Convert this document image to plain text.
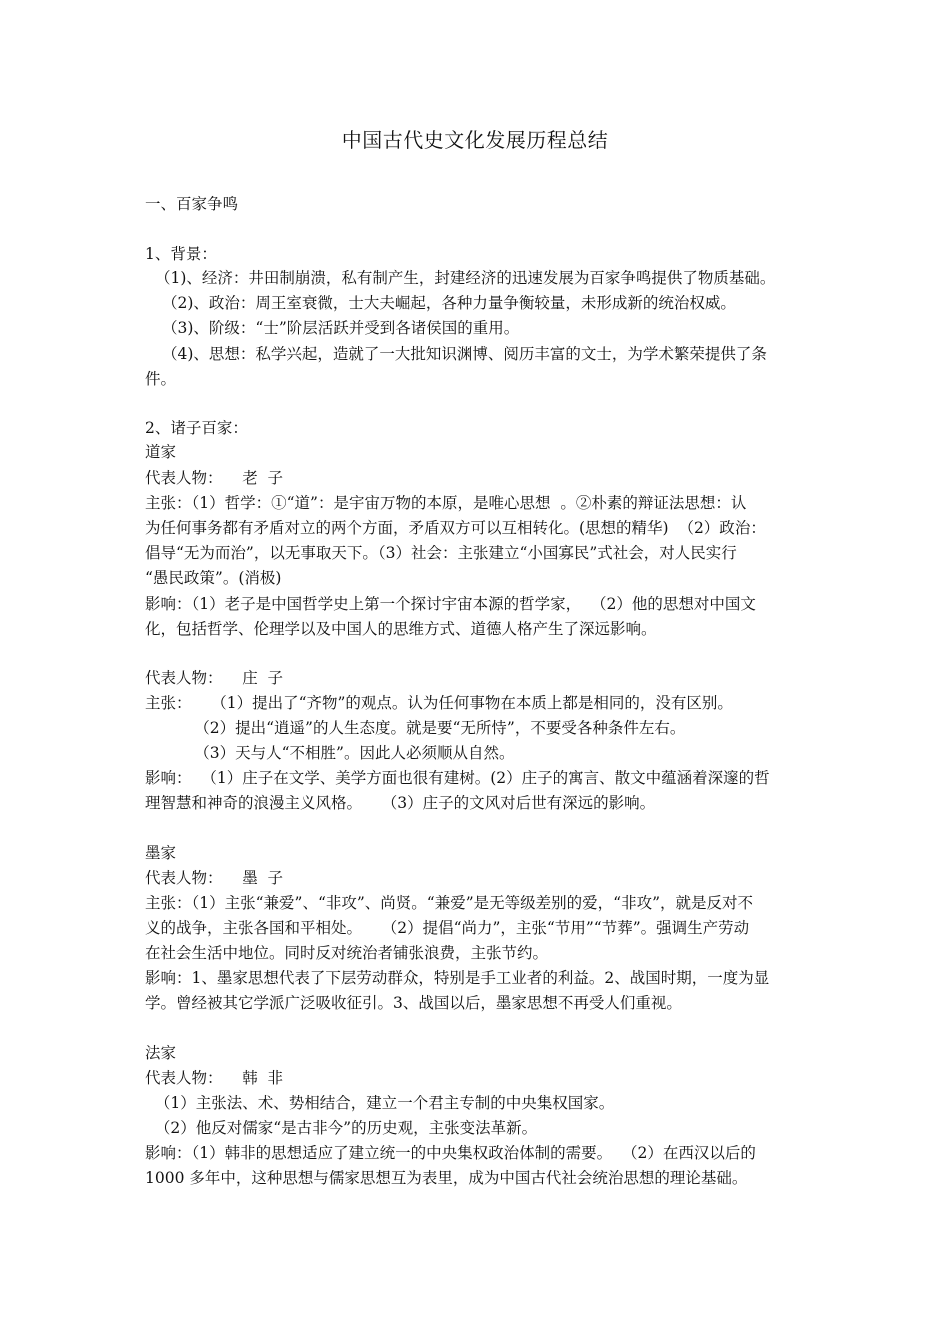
中国古代史文化发展历程总结
一、百家争鸣
1、背景：
（1)、经济：井田制崩溃，私有制产生，封建经济的迅速发展为百家争鸣提供了物质基础。
（2)、政治：周王室衰微，士大夫崛起，各种力量争衡较量，未形成新的统治权威。
（3)、阶级：“士”阶层活跃并受到各诸侯国的重用。
（4)、思想：私学兴起，造就了一大批知识渊博、阅历丰富的文士，为学术繁荣提供了条
件。
2、诸子百家：
道家
代表人物：    老  子
主张：（1）哲学：①“道”：是宇宙万物的本原，是唯心思想  。②朴素的辩证法思想：认
为任何事务都有矛盾对立的两个方面，矛盾双方可以互相转化。(思想的精华)  （2）政治：
倡导“无为而治”，以无事取天下。（3）社会：主张建立“小国寡民”式社会，对人民实行
“愚民政策”。(消极)
影响：（1）老子是中国哲学史上第一个探讨宇宙本源的哲学家，  （2）他的思想对中国文
化，包括哲学、伦理学以及中国人的思维方式、道德人格产生了深远影响。
代表人物：    庄  子
主张：    （1）提出了“齐物”的观点。认为任何事物在本质上都是相同的，没有区别。
（2）提出“逍遥”的人生态度。就是要“无所恃”，不要受各种条件左右。
（3）天与人“不相胜”。因此人必须顺从自然。
影响：  （1）庄子在文学、美学方面也很有建树。(2）庄子的寓言、散文中蕴涵着深邃的哲
理智慧和神奇的浪漫主义风格。    （3）庄子的文风对后世有深远的影响。
墨家
代表人物：    墨  子
主张：（1）主张“兼爱”、“非攻”、尚贤。“兼爱”是无等级差别的爱，“非攻”，就是反对不
义的战争，主张各国和平相处。    （2）提倡“尚力”，主张“节用”“节葬”。强调生产劳动
在社会生活中地位。同时反对统治者铺张浪费，主张节约。
影响：1、墨家思想代表了下层劳动群众，特别是手工业者的利益。2、战国时期，一度为显
学。曾经被其它学派广泛吸收征引。3、战国以后，墨家思想不再受人们重视。
法家
代表人物：    韩  非
（1）主张法、术、势相结合，建立一个君主专制的中央集权国家。
（2）他反对儒家“是古非今”的历史观，主张变法革新。
影响：（1）韩非的思想适应了建立统一的中央集权政治体制的需要。  （2）在西汉以后的
1000 多年中，这种思想与儒家思想互为表里，成为中国古代社会统治思想的理论基础。
